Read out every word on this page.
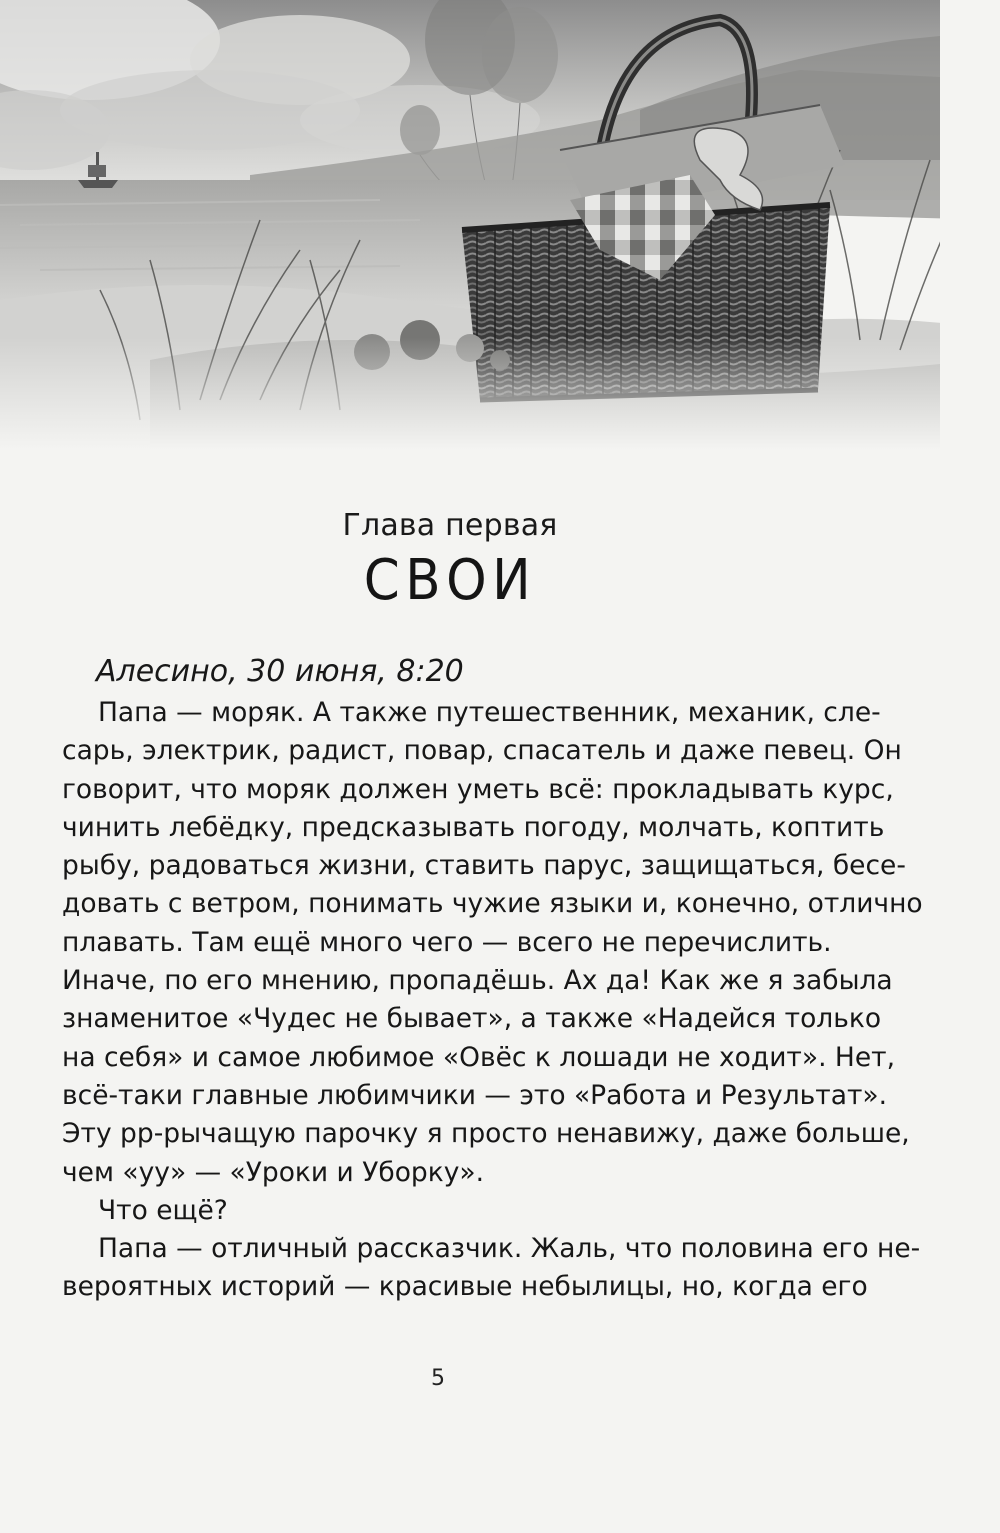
Глава первая
СВОИ
Алесино, 30 июня, 8:20
Папа — моряк. А также путешественник, механик, сле-
сарь, электрик, радист, повар, спасатель и даже певец. Он
говорит, что моряк должен уметь всё: прокладывать курс,
чинить лебёдку, предсказывать погоду, молчать, коптить
рыбу, радоваться жизни, ставить парус, защищаться, бесе-
довать с ветром, понимать чужие языки и, конечно, отлично
плавать. Там ещё много чего — всего не перечислить.
Иначе, по его мнению, пропадёшь. Ах да! Как же я забыла
знаменитое «Чудес не бывает», а также «Надейся только
на себя» и самое любимое «Овёс к лошади не ходит». Нет,
всё-таки главные любимчики — это «Работа и Результат».
Эту рр-рычащую парочку я просто ненавижу, даже больше,
чем «уу» — «Уроки и Уборку».
Что ещё?
Папа — отличный рассказчик. Жаль, что половина его не-
вероятных историй — красивые небылицы, но, когда его
5
